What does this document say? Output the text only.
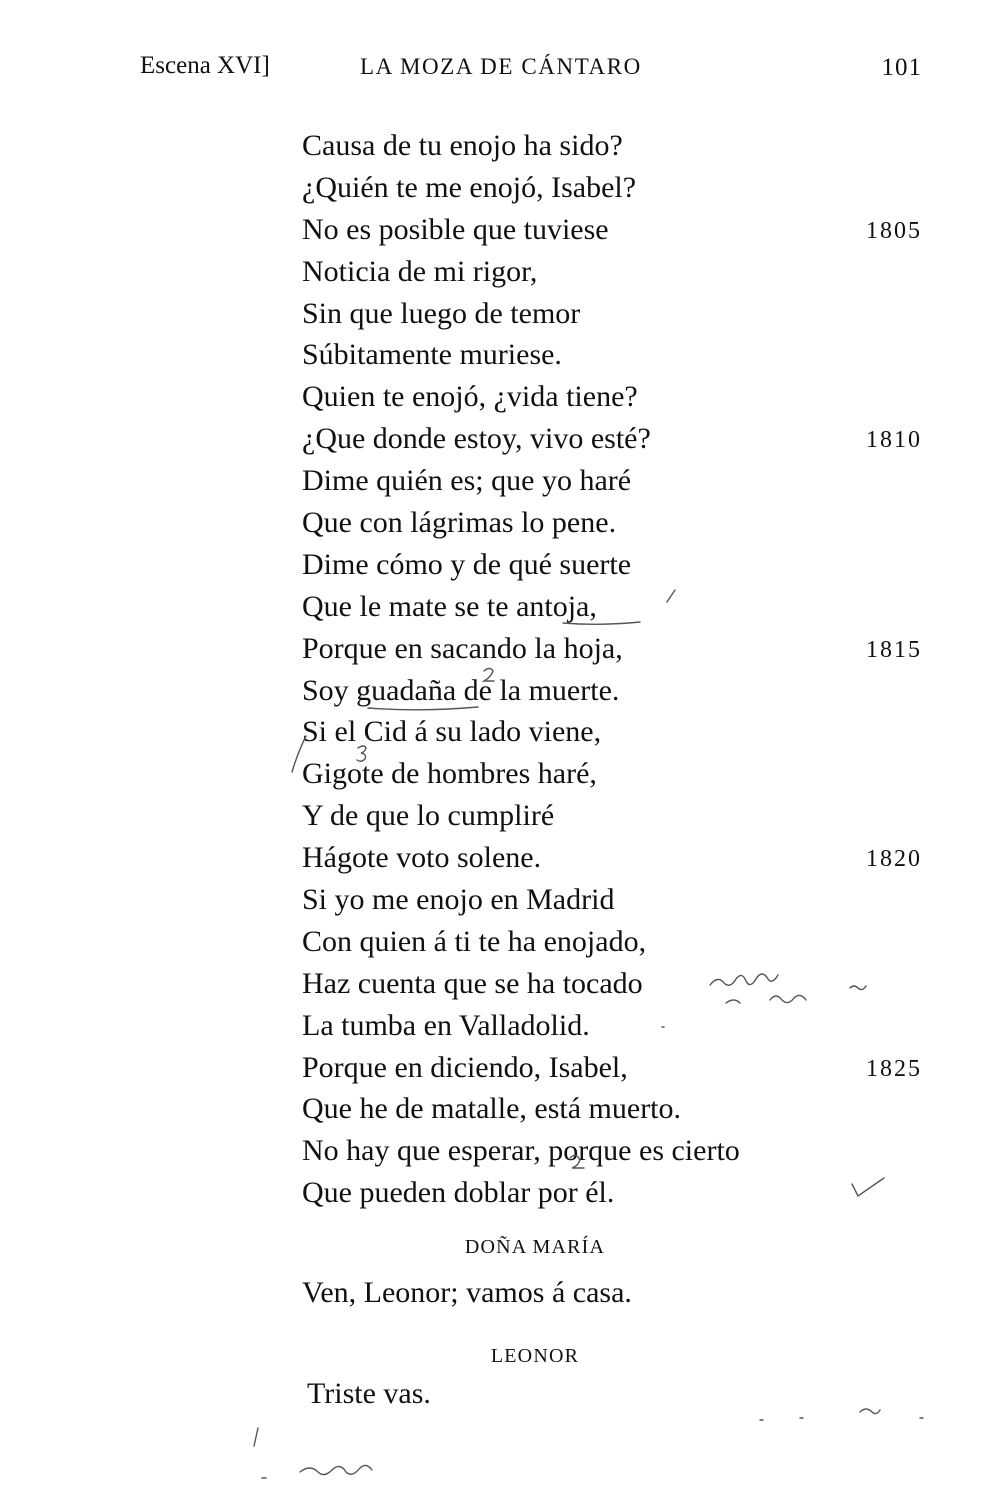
Escena XVI]	LA MOZA DE CÁNTARO	101
Causa de tu enojo ha sido?
¿Quién te me enojó, Isabel?
No es posible que tuviese	1805
Noticia de mi rigor,
Sin que luego de temor
Súbitamente muriese.
Quien te enojó, ¿vida tiene?
¿Que donde estoy, vivo esté?	1810
Dime quién es; que yo haré
Que con lágrimas lo pene.
Dime cómo y de qué suerte
Que le mate se te antoja,
Porque en sacando la hoja,	1815
Soy guadaña de la muerte.
Si el Cid á su lado viene,
Gigote de hombres haré,
Y de que lo cumpliré
Hágote voto solene.	1820
Si yo me enojo en Madrid
Con quien á ti te ha enojado,
Haz cuenta que se ha tocado
La tumba en Valladolid.
Porque en diciendo, Isabel,	1825
Que he de matalle, está muerto.
No hay que esperar, porque es cierto
Que pueden doblar por él.
DOÑA MARÍA
Ven, Leonor; vamos á casa.
LEONOR
Triste vas.
